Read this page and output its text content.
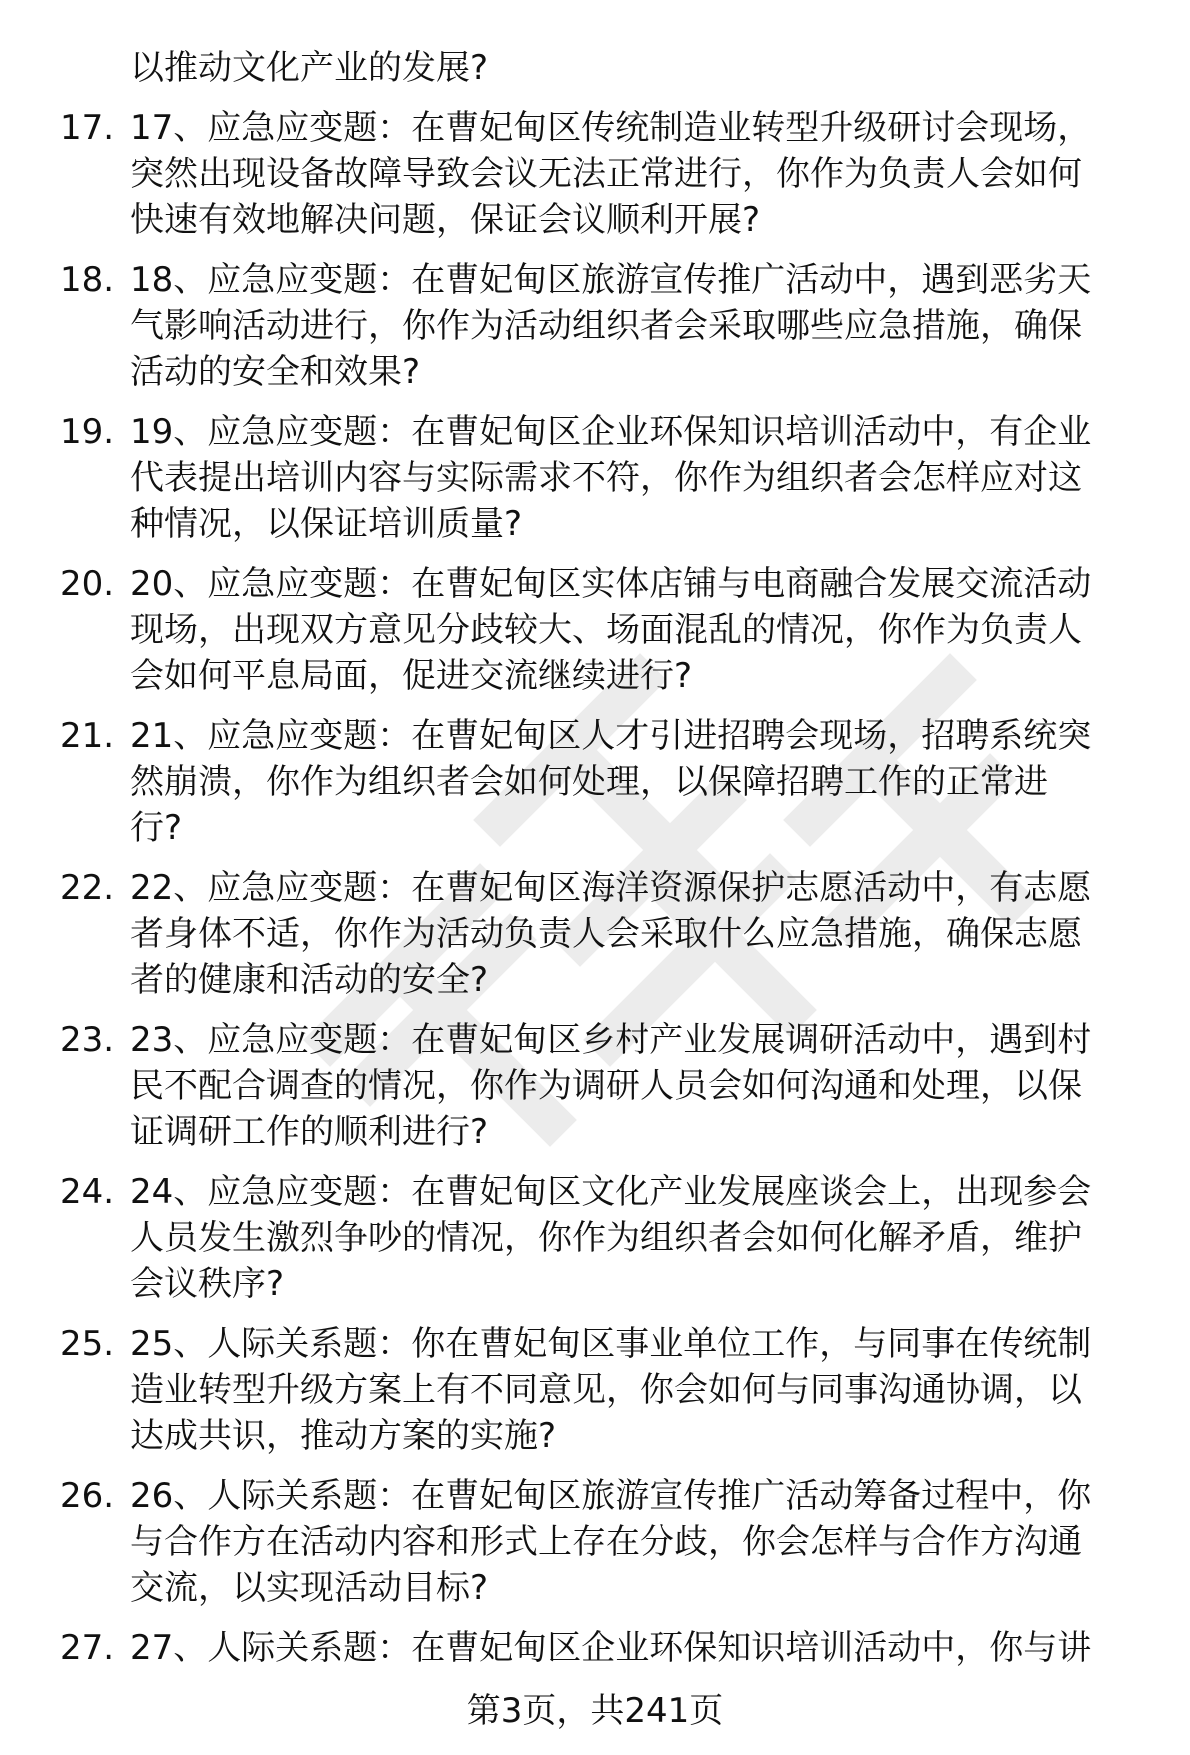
以推动文化产业的发展?
17. 17、应急应变题：在曹妃甸区传统制造业转型升级研讨会现场，
突然出现设备故障导致会议无法正常进行，你作为负责人会如何
快速有效地解决问题，保证会议顺利开展?
18. 18、应急应变题：在曹妃甸区旅游宣传推广活动中，遇到恶劣天
气影响活动进行，你作为活动组织者会采取哪些应急措施，确保
活动的安全和效果?
19. 19、应急应变题：在曹妃甸区企业环保知识培训活动中，有企业
代表提出培训内容与实际需求不符，你作为组织者会怎样应对这
种情况，以保证培训质量?
20. 20、应急应变题：在曹妃甸区实体店铺与电商融合发展交流活动
现场，出现双方意见分歧较大、场面混乱的情况，你作为负责人
会如何平息局面，促进交流继续进行?
21. 21、应急应变题：在曹妃甸区人才引进招聘会现场，招聘系统突
然崩溃，你作为组织者会如何处理，以保障招聘工作的正常进
行?
22. 22、应急应变题：在曹妃甸区海洋资源保护志愿活动中，有志愿
者身体不适，你作为活动负责人会采取什么应急措施，确保志愿
者的健康和活动的安全?
23. 23、应急应变题：在曹妃甸区乡村产业发展调研活动中，遇到村
民不配合调查的情况，你作为调研人员会如何沟通和处理，以保
证调研工作的顺利进行?
24. 24、应急应变题：在曹妃甸区文化产业发展座谈会上，出现参会
人员发生激烈争吵的情况，你作为组织者会如何化解矛盾，维护
会议秩序?
25. 25、人际关系题：你在曹妃甸区事业单位工作，与同事在传统制
造业转型升级方案上有不同意见，你会如何与同事沟通协调，以
达成共识，推动方案的实施?
26. 26、人际关系题：在曹妃甸区旅游宣传推广活动筹备过程中，你
与合作方在活动内容和形式上存在分歧，你会怎样与合作方沟通
交流，以实现活动目标?
27. 27、人际关系题：在曹妃甸区企业环保知识培训活动中，你与讲
第3页，共241页
